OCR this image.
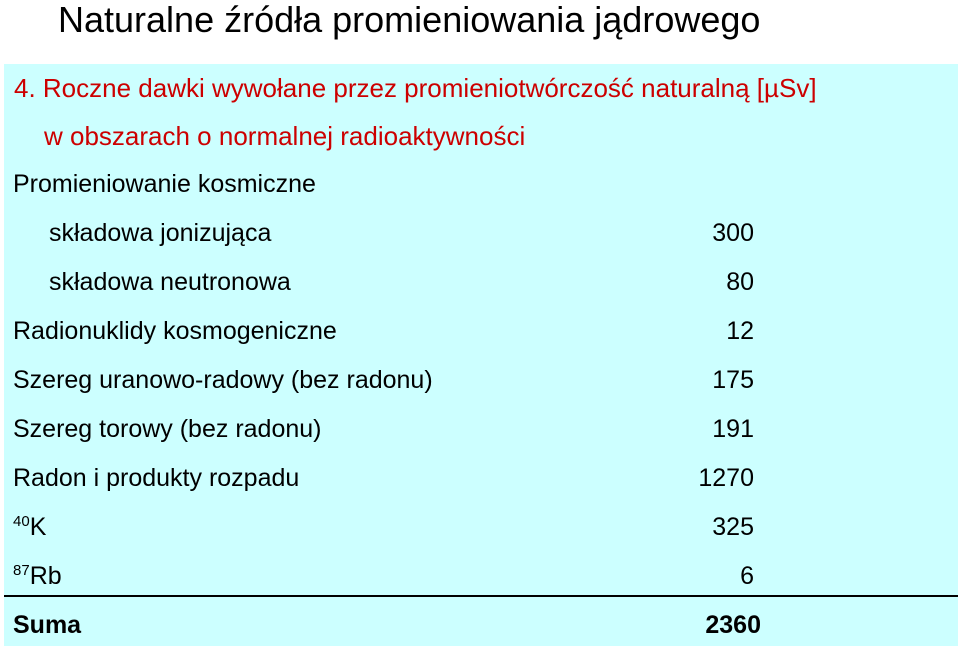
Naturalne źródła promieniowania jądrowego
4. Roczne dawki wywołane przez promieniotwórczość naturalną [µSv]
w obszarach o normalnej radioaktywności
Promieniowanie kosmiczne
składowa jonizująca	300
składowa neutronowa	80
Radionuklidy kosmogeniczne	12
Szereg uranowo-radowy (bez radonu)	175
Szereg torowy (bez radonu)	191
Radon i produkty rozpadu	1270
$^{40}$K	325
$^{87}$Rb	6
Suma	2360
